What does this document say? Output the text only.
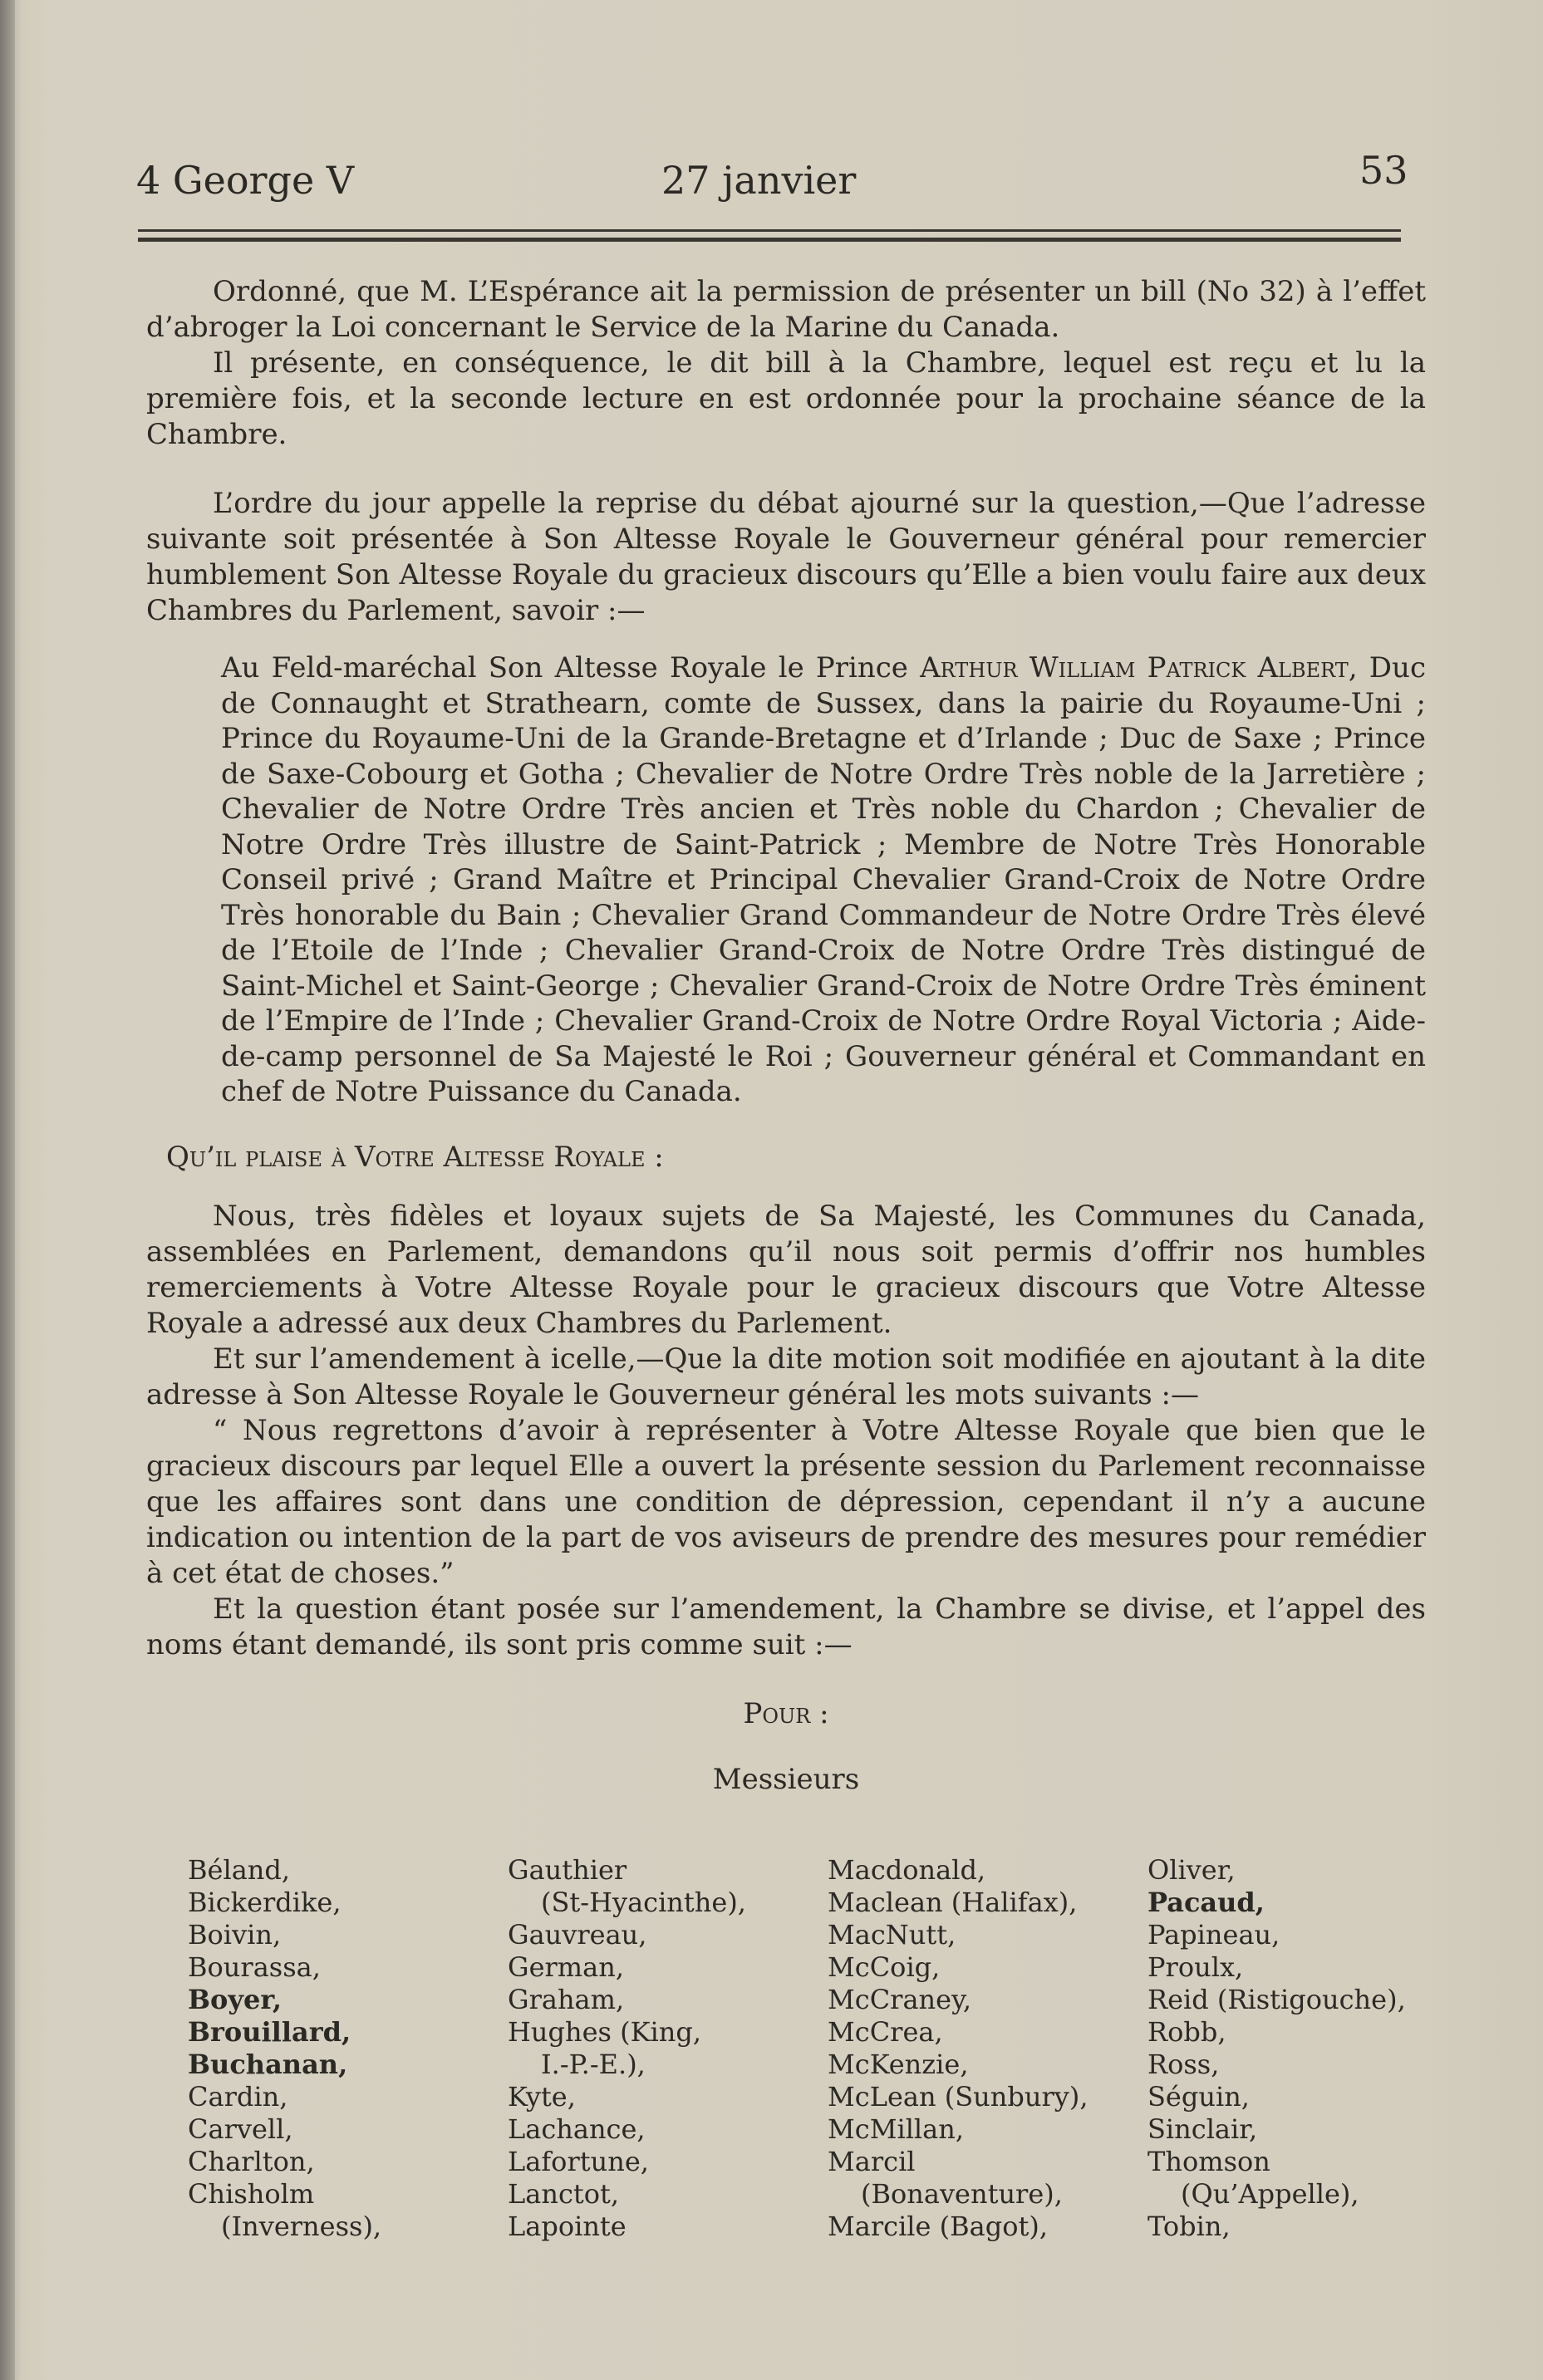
4 George V	27 janvier	53

Ordonné, que M. L’Espérance ait la permission de présenter un bill (No 32) à l’effet d’abroger la Loi concernant le Service de la Marine du Canada.

Il présente, en conséquence, le dit bill à la Chambre, lequel est reçu et lu la première fois, et la seconde lecture en est ordonnée pour la prochaine séance de la Chambre.

L’ordre du jour appelle la reprise du débat ajourné sur la question,—Que l’adresse suivante soit présentée à Son Altesse Royale le Gouverneur général pour remercier humblement Son Altesse Royale du gracieux discours qu’Elle a bien voulu faire aux deux Chambres du Parlement, savoir :—

Au Feld-maréchal Son Altesse Royale le Prince Arthur William Patrick Albert, Duc de Connaught et Strathearn, comte de Sussex, dans la pairie du Royaume-Uni ; Prince du Royaume-Uni de la Grande-Bretagne et d’Irlande ; Duc de Saxe ; Prince de Saxe-Cobourg et Gotha ; Chevalier de Notre Ordre Très noble de la Jarretière ; Chevalier de Notre Ordre Très ancien et Très noble du Chardon ; Chevalier de Notre Ordre Très illustre de Saint-Patrick ; Membre de Notre Très Honorable Conseil privé ; Grand Maître et Principal Chevalier Grand-Croix de Notre Ordre Très honorable du Bain ; Chevalier Grand Commandeur de Notre Ordre Très élevé de l’Etoile de l’Inde ; Chevalier Grand-Croix de Notre Ordre Très distingué de Saint-Michel et Saint-George ; Chevalier Grand-Croix de Notre Ordre Très éminent de l’Empire de l’Inde ; Chevalier Grand-Croix de Notre Ordre Royal Victoria ; Aide-de-camp personnel de Sa Majesté le Roi ; Gouverneur général et Commandant en chef de Notre Puissance du Canada.

Qu’il plaise à Votre Altesse Royale :

Nous, très fidèles et loyaux sujets de Sa Majesté, les Communes du Canada, assemblées en Parlement, demandons qu’il nous soit permis d’offrir nos humbles remerciements à Votre Altesse Royale pour le gracieux discours que Votre Altesse Royale a adressé aux deux Chambres du Parlement.

Et sur l’amendement à icelle,—Que la dite motion soit modifiée en ajoutant à la dite adresse à Son Altesse Royale le Gouverneur général les mots suivants :—

“ Nous regrettons d’avoir à représenter à Votre Altesse Royale que bien que le gracieux discours par lequel Elle a ouvert la présente session du Parlement reconnaisse que les affaires sont dans une condition de dépression, cependant il n’y a aucune indication ou intention de la part de vos aviseurs de prendre des mesures pour remédier à cet état de choses.”

Et la question étant posée sur l’amendement, la Chambre se divise, et l’appel des noms étant demandé, ils sont pris comme suit :—

Pour :

Messieurs

Béland,
Bickerdike,
Boivin,
Bourassa,
Boyer,
Brouillard,
Buchanan,
Cardin,
Carvell,
Charlton,
Chisholm
(Inverness),
Gauthier
(St-Hyacinthe),
Gauvreau,
German,
Graham,
Hughes (King,
I.-P.-E.),
Kyte,
Lachance,
Lafortune,
Lanctot,
Lapointe
Macdonald,
Maclean (Halifax),
MacNutt,
McCoig,
McCraney,
McCrea,
McKenzie,
McLean (Sunbury),
McMillan,
Marcil
(Bonaventure),
Marcile (Bagot),
Oliver,
Pacaud,
Papineau,
Proulx,
Reid (Ristigouche),
Robb,
Ross,
Séguin,
Sinclair,
Thomson
(Qu’Appelle),
Tobin,
